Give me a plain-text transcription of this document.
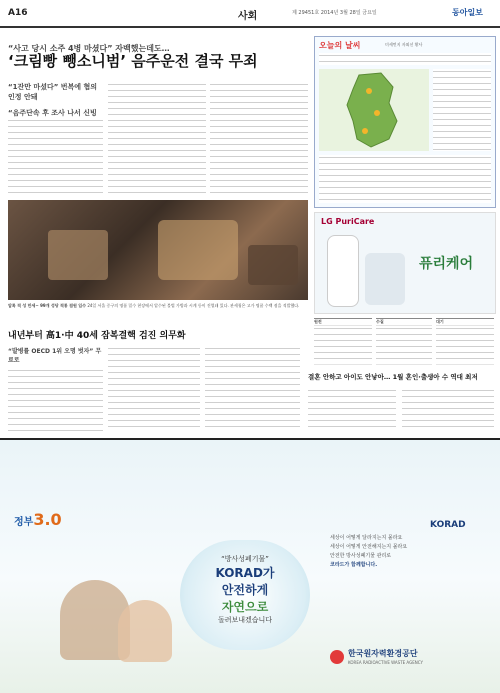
A16	사회	제 29451호 2014년 3월 28일 금요일	동아일보
“사고 당시 소주 4병 마셨다” 자백했는데도…
‘크림빵 뺑소니범’ 음주운전 결국 무죄
“1잔만 마셨다” 번복에 혐의 인정 안돼
“음주단속 후 조사 나서 신빙
압록 적 성 만세~ 99개 성당 적통 점원 입수 24일 서울 중구의 명품 밀수 현장에서 압수된 불법 가방과 시계 등이 진열돼 있다. 관세청은 고가 명품 수백 점을 적발했다.
오늘의 날씨	미세먼지 자외선 황사
LG PuriCare
퓨리케어
원전	수질	대기
내년부터 高1·中 40세 잠복결핵 검진 의무화
“발병률 OECD 1위 오명 벗자” 무료로
결혼 안하고 아이도 안낳아… 1월 혼인·출생아 수 역대 최저
정부3.0	KORAD
“방사성폐기물”
KORAD가
안전하게
자연으로
돌려보내겠습니다
세상이 어떻게 달라지는지 몰라요
세상이 어떻게 안전해지는지 몰라요
안전한 방사성폐기물 관리로
코라드가 함께합니다.
한국원자력환경공단
KOREA RADIOACTIVE WASTE AGENCY
